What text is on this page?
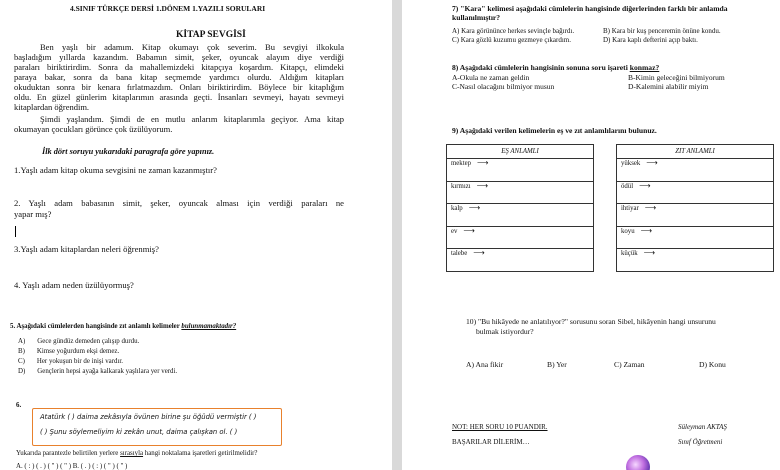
4.SINIF TÜRKÇE DERSİ 1.DÖNEM 1.YAZILI SORULARI
KİTAP SEVGİSİ
Ben yaşlı bir adamım. Kitap okumayı çok severim. Bu sevgiyi ilkokula
başladığım yıllarda kazandım. Babamın simit, şeker, oyuncak alayım diye verdiği
paraları biriktirirdim. Sonra da mahallemizdeki kitapçıya koşardım. Kitapçı, elimdeki
paraya bakar, sonra da bana kitap seçmemde yardımcı olurdu. Aldığım kitapları
okuduktan sonra bir kenara fırlatmazdım. Onları biriktirirdim. Böylece bir kitaplığım
oldu. En güzel günlerim kitaplarımın arasında geçti. İnsanları sevmeyi, hayatı sevmeyi
kitaplardan öğrendim.
Şimdi yaşlandım. Şimdi de en mutlu anlarım kitaplarımla geçiyor. Ama kitap
okumayan çocukları görünce çok üzülüyorum.
İlk dört soruyu yukarıdaki paragrafa göre yapınız.
1.Yaşlı adam kitap okuma sevgisini ne zaman kazanmıştır?
2. Yaşlı adam babasının simit, şeker, oyuncak alması için verdiği paraları ne
yapar mış?
3.Yaşlı adam kitaplardan neleri öğrenmiş?
4. Yaşlı adam neden üzülüyormuş?
5. Aşağıdaki cümlelerden hangisinde zıt anlamlı kelimeler bulunmamaktadır?
A) Gece gündüz demeden çalışıp durdu.
B) Kimse yoğurdum ekşi demez.
C) Her yokuşun bir de inişi vardır.
D) Gençlerin hepsi ayağa kalkarak yaşlılara yer verdi.
6.
Atatürk ( ) daima zekâsıyla övünen birine şu öğüdü vermiştir ( )
( ) Şunu söylemeliyim ki zekân unut, daima çalışkan ol. ( )
Yukarıda parantezle belirtilen yerlere sırasıyla hangi noktalama işaretleri getirilmelidir?
A. ( : ) ( . ) ( " ) ( " ) B. ( . ) ( : ) ( " ) ( " )
7) "Kara" kelimesi aşağıdaki cümlelerin hangisinde diğerlerinden farklı bir anlamda
kullanılmıştır?
A) Kara görününce herkes sevinçle bağırdı.	B) Kara bir kuş penceremin önüne kondu.
C) Kara gözlü kuzumu gezmeye çıkardım.	D) Kara kaplı defterini açıp baktı.
8) Aşağıdaki cümlelerin hangisinin sonuna soru işareti konmaz?
A-Okula ne zaman geldin	B-Kimin geleceğini bilmiyorum
C-Nasıl olacağını bilmiyor musun	D-Kalemini alabilir miyim
9) Aşağıdaki verilen kelimelerin eş ve zıt anlamlılarını bulunuz.
EŞ ANLAMLI
mektep ⟶
kırmızı ⟶
kalp ⟶
ev ⟶
talebe ⟶
ZIT ANLAMLI
yüksek ⟶
ödül ⟶
ihtiyar ⟶
koyu ⟶
küçük ⟶
10) "Bu hikâyede ne anlatılıyor?" sorusunu soran Sibel, hikâyenin hangi unsurunu
bulmak istiyordur?
A) Ana fikir	B) Yer	C) Zaman	D) Konu
NOT: HER SORU 10 PUANDIR.
BAŞARILAR DİLERİM…
Süleyman AKTAŞ
Sınıf Öğretmeni
